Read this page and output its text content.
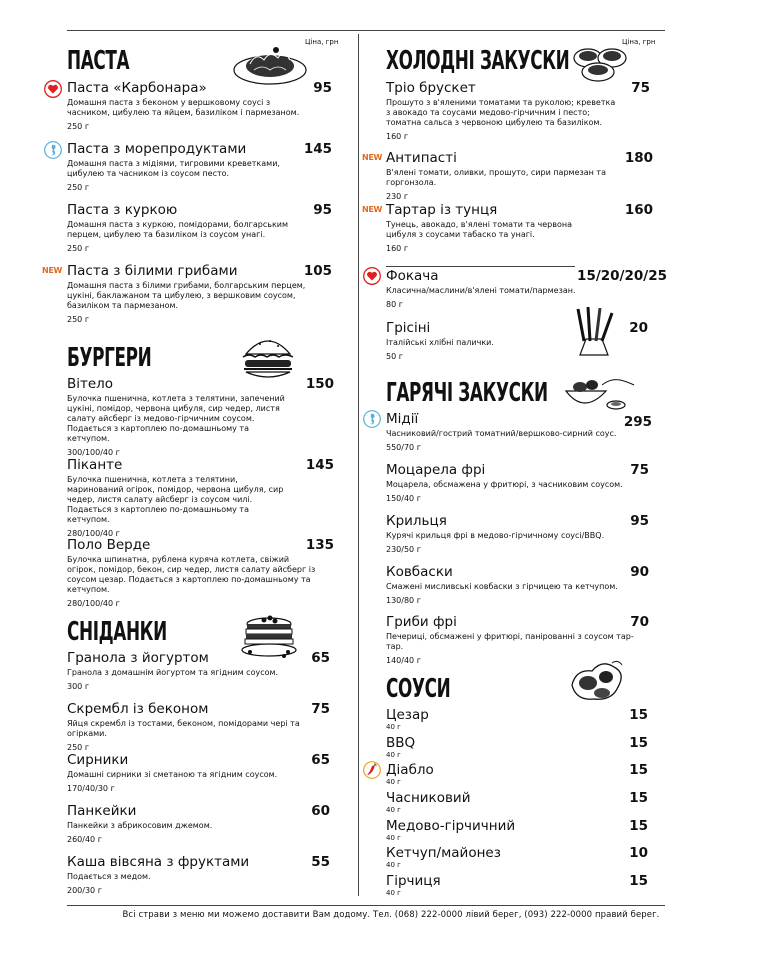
Ціна, грн	Ціна, грн
ПАСТА
Паста «Карбонара»	95
Домашня паста з беконом у вершковому соусі з часником, цибулею та яйцем, базиліком і пармезаном.
250 г
Паста з морепродуктами	145
Домашня паста з мідіями, тигровими креветками, цибулею та часником із соусом песто.
250 г
Паста з куркою	95
Домашня паста з куркою, помідорами, болгарським перцем, цибулею та базиліком із соусом унагі.
250 г
Паста з білими грибами	105
Домашня паста з білими грибами, болгарським перцем, цукіні, баклажаном та цибулею, з вершковим соусом, базиліком та пармезаном.
250 г
NEW
БУРГЕРИ
Вітело	150
Булочка пшенична, котлета з телятини, запечений цукіні, помідор, червона цибуля, сир чедер, листя салату айсберг із медово-гірчичним соусом. Подається з картоплею по-домашньому та кетчупом.
300/100/40 г
Піканте	145
Булочка пшенична, котлета з телятини, маринований огірок, помідор, червона цибуля, сир чедер, листя салату айсберг із соусом чилі. Подається з картоплею по-домашньому та кетчупом.
280/100/40 г
Поло Верде	135
Булочка шпинатна, рублена куряча котлета, свіжий огірок, помідор, бекон, сир чедер, листя салату айсберг із соусом цезар. Подається з картоплею по-домашньому та кетчупом.
280/100/40 г
СНІДАНКИ
Гранола з йогуртом	65
Гранола з домашнім йогуртом та ягідним соусом.
300 г
Скрембл із беконом	75
Яйця скрембл із тостами, беконом, помідорами чері та огірками.
250 г
Сирники	65
Домашні сирники зі сметаною та ягідним соусом.
170/40/30 г
Панкейки	60
Панкейки з абрикосовим джемом.
260/40 г
Каша вівсяна з фруктами	55
Подається з медом.
200/30 г
ХОЛОДНІ ЗАКУСКИ
Тріо брускет	75
Прошуто з в'яленими томатами та руколою; креветка з авокадо та соусами медово-гірчичним і песто; томатна сальса з червоною цибулею та базиліком.
160 г
Антипасті	180
В'ялені томати, оливки, прошуто, сири пармезан та горгонзола.
230 г
NEW
Тартар із тунця	160
Тунець, авокадо, в'ялені томати та червона цибуля з соусами табаско та унагі.
160 г
NEW
Фокача	15/20/20/25
Класична/маслини/в'ялені томати/пармезан.
80 г
Грісіні	20
Італійські хлібні палички.
50 г
ГАРЯЧІ ЗАКУСКИ
Мідії	295
Часниковий/гострий томатний/вершково-сирний соус.
550/70 г
Моцарела фрі	75
Моцарела, обсмажена у фритюрі, з часниковим соусом.
150/40 г
Крильця	95
Курячі крильця фрі в медово-гірчичному соусі/BBQ.
230/50 г
Ковбаски	90
Смажені мисливські ковбаски з гірчицею та кетчупом.
130/80 г
Гриби фрі	70
Печериці, обсмажені у фритюрі, панірованні з соусом тар-тар.
140/40 г
СОУСИ
Цезар	15
40 г
BBQ	15
40 г
Діабло	15
40 г
Часниковий	15
40 г
Медово-гірчичний	15
40 г
Кетчуп/майонез	10
40 г
Гірчиця	15
40 г
Всі страви з меню ми можемо доставити Вам додому. Тел. (068) 222-0000 лівий берег, (093) 222-0000 правий берег.
